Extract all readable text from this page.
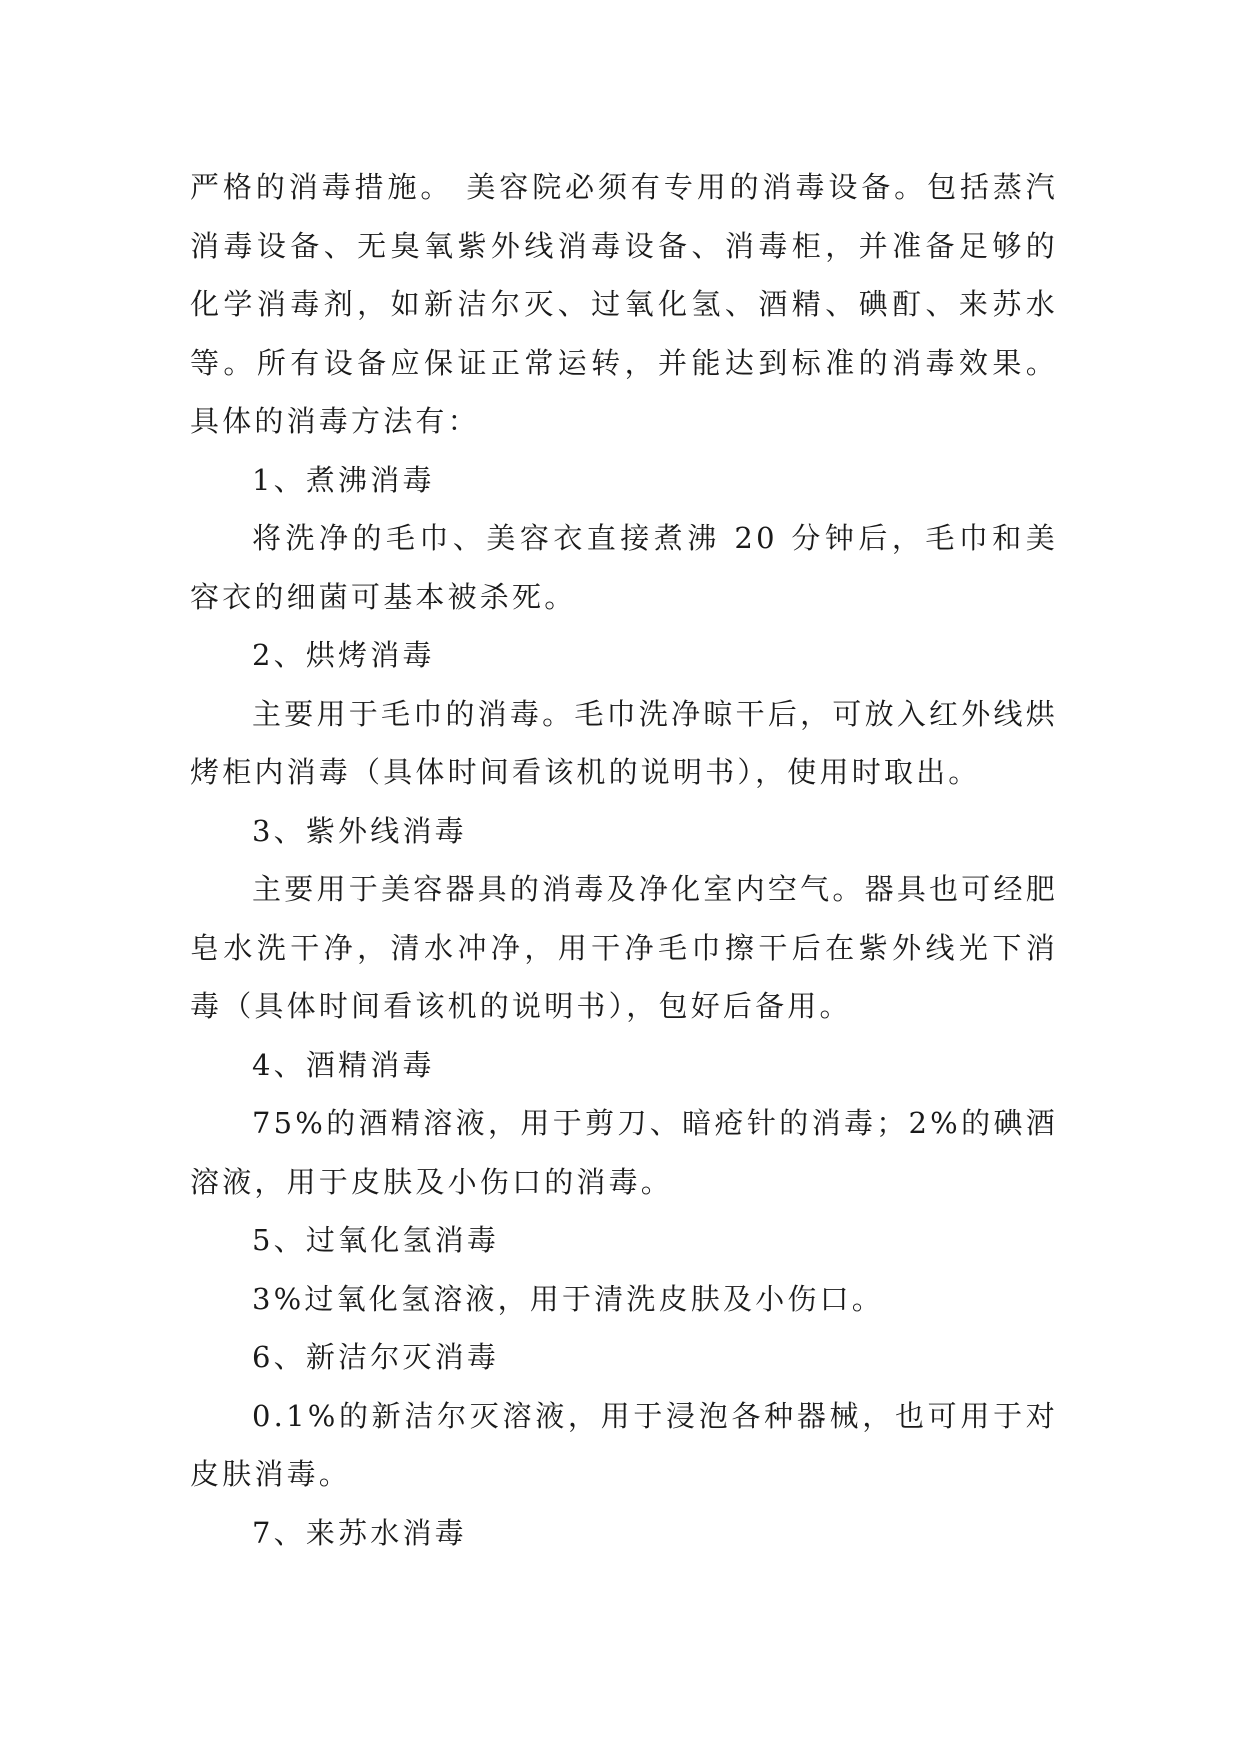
严格的消毒措施。 美容院必须有专用的消毒设备。包括蒸汽消毒设备、无臭氧紫外线消毒设备、消毒柜，并准备足够的化学消毒剂，如新洁尔灭、过氧化氢、酒精、碘酊、来苏水等。所有设备应保证正常运转，并能达到标准的消毒效果。具体的消毒方法有：

1、煮沸消毒

将洗净的毛巾、美容衣直接煮沸 20 分钟后，毛巾和美容衣的细菌可基本被杀死。

2、烘烤消毒

主要用于毛巾的消毒。毛巾洗净晾干后，可放入红外线烘烤柜内消毒（具体时间看该机的说明书），使用时取出。

3、紫外线消毒

主要用于美容器具的消毒及净化室内空气。器具也可经肥皂水洗干净，清水冲净，用干净毛巾擦干后在紫外线光下消毒（具体时间看该机的说明书），包好后备用。

4、酒精消毒

75%的酒精溶液，用于剪刀、暗疮针的消毒；2%的碘酒溶液，用于皮肤及小伤口的消毒。

5、过氧化氢消毒

3%过氧化氢溶液，用于清洗皮肤及小伤口。

6、新洁尔灭消毒

0.1%的新洁尔灭溶液，用于浸泡各种器械，也可用于对皮肤消毒。

7、来苏水消毒
